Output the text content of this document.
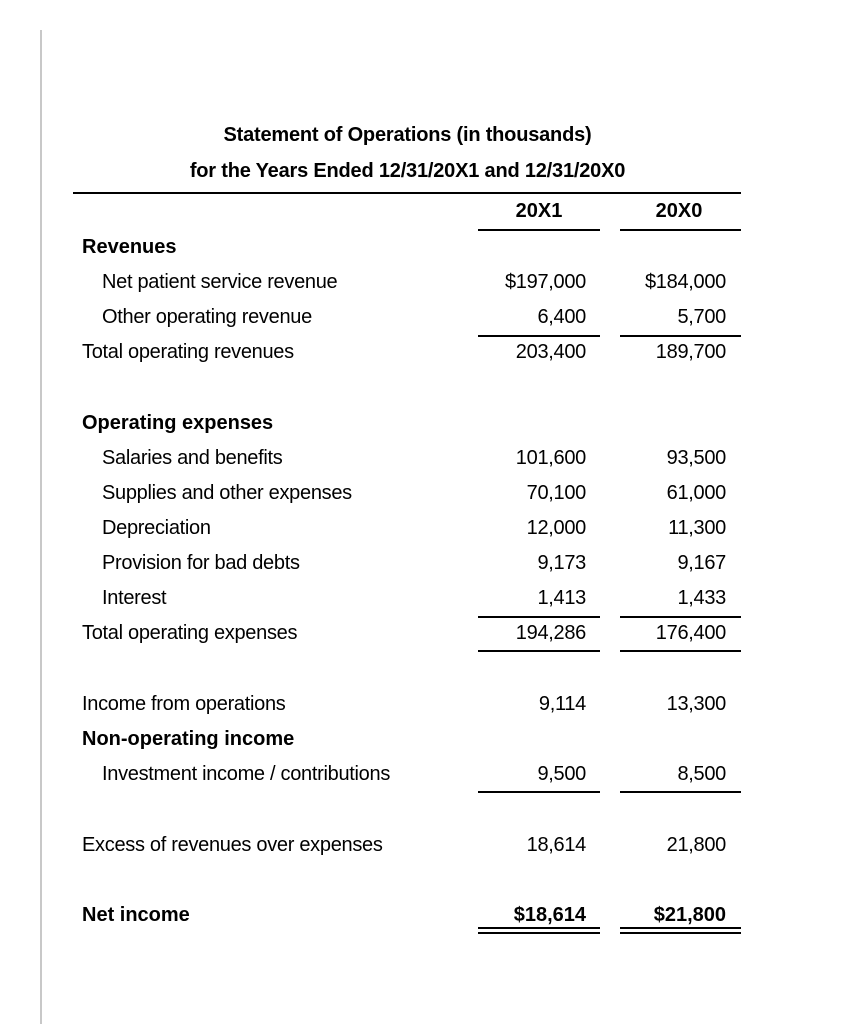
Statement of Operations (in thousands)
for the Years Ended 12/31/20X1 and 12/31/20X0
20X1	20X0
Revenues
Net patient service revenue	$197,000	$184,000
Other operating revenue	6,400	5,700
Total operating revenues	203,400	189,700
Operating expenses
Salaries and benefits	101,600	93,500
Supplies and other expenses	70,100	61,000
Depreciation	12,000	11,300
Provision for bad debts	9,173	9,167
Interest	1,413	1,433
Total operating expenses	194,286	176,400
Income from operations	9,114	13,300
Non-operating income
Investment income / contributions	9,500	8,500
Excess of revenues over expenses	18,614	21,800
Net income	$18,614	$21,800
